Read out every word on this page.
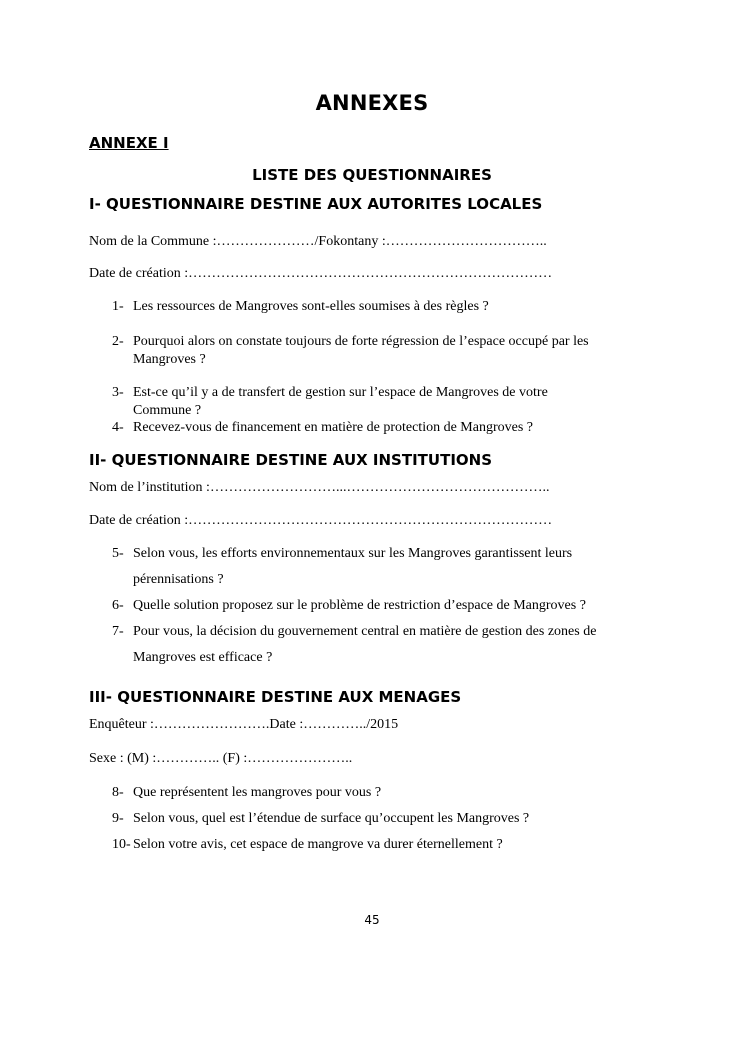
ANNEXES
ANNEXE I
LISTE DES QUESTIONNAIRES
I- QUESTIONNAIRE DESTINE AUX AUTORITES LOCALES
Nom de la Commune :…………………/Fokontany :……………………………..
Date de création :……………………………………………………………………
1- Les ressources de Mangroves sont-elles soumises à des règles ?
2- Pourquoi alors on constate toujours de forte régression de l’espace occupé par les
Mangroves ?
3- Est-ce qu’il y a de transfert de gestion sur l’espace de Mangroves de votre
Commune ?
4- Recevez-vous de financement en matière de protection de Mangroves ?
II- QUESTIONNAIRE DESTINE AUX INSTITUTIONS
Nom de l’institution :………………………...……………………………………..
Date de création :……………………………………………………………………
5- Selon vous, les efforts environnementaux sur les Mangroves garantissent leurs
pérennisations ?
6- Quelle solution proposez sur le problème de restriction d’espace de Mangroves ?
7- Pour vous, la décision du gouvernement central en matière de gestion des zones de
Mangroves est efficace ?
III- QUESTIONNAIRE DESTINE AUX MENAGES
Enquêteur :…………………….Date :…………../2015
Sexe : (M) :………….. (F) :…………………..
8- Que représentent les mangroves pour vous ?
9- Selon vous, quel est l’étendue de surface qu’occupent les Mangroves ?
10- Selon votre avis, cet espace de mangrove va durer éternellement ?
45
